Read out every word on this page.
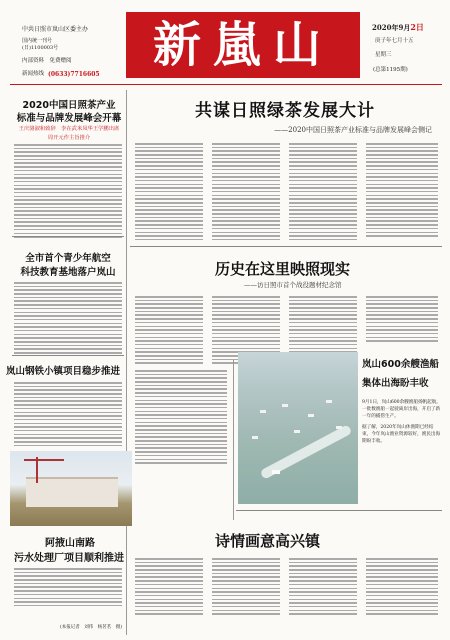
中共日照市岚山区委主办
国内统一刊号
(日)1100003号
内部资料　免费赠阅
新闻热线 (0633)7716605
新嵐山	2020年9月2日
庚子年七月十五
星期三
(总第1195期)
2020中国日照茶产业
标准与品牌发展峰会开幕
王庆骆淑和致辞　李在武米凤华王学鹏出席
周开元作主旨推介
全市首个青少年航空
科技教育基地落户岚山
岚山钢铁小镇项目稳步推进
阿掖山南路
污水处理厂项目顺利推进
(本报记者　刘伟　杨茗茗　摄)
共谋日照绿茶发展大计
——2020中国日照茶产业标准与品牌发展峰会侧记
历史在这里映照现实
——访日照市首个战役题材纪念馆
岚山600余艘渔船
集体出海盼丰收
9月1日，岚山600余艘渔船扬帆起航，一批数渔船一起驶离岸出海，开启了新一年的捕捞生产。
据了解，2020年岚山休渔期已经结束，今年岚山渔业资源较好，渔民出海期盼丰收。
诗情画意高兴镇
